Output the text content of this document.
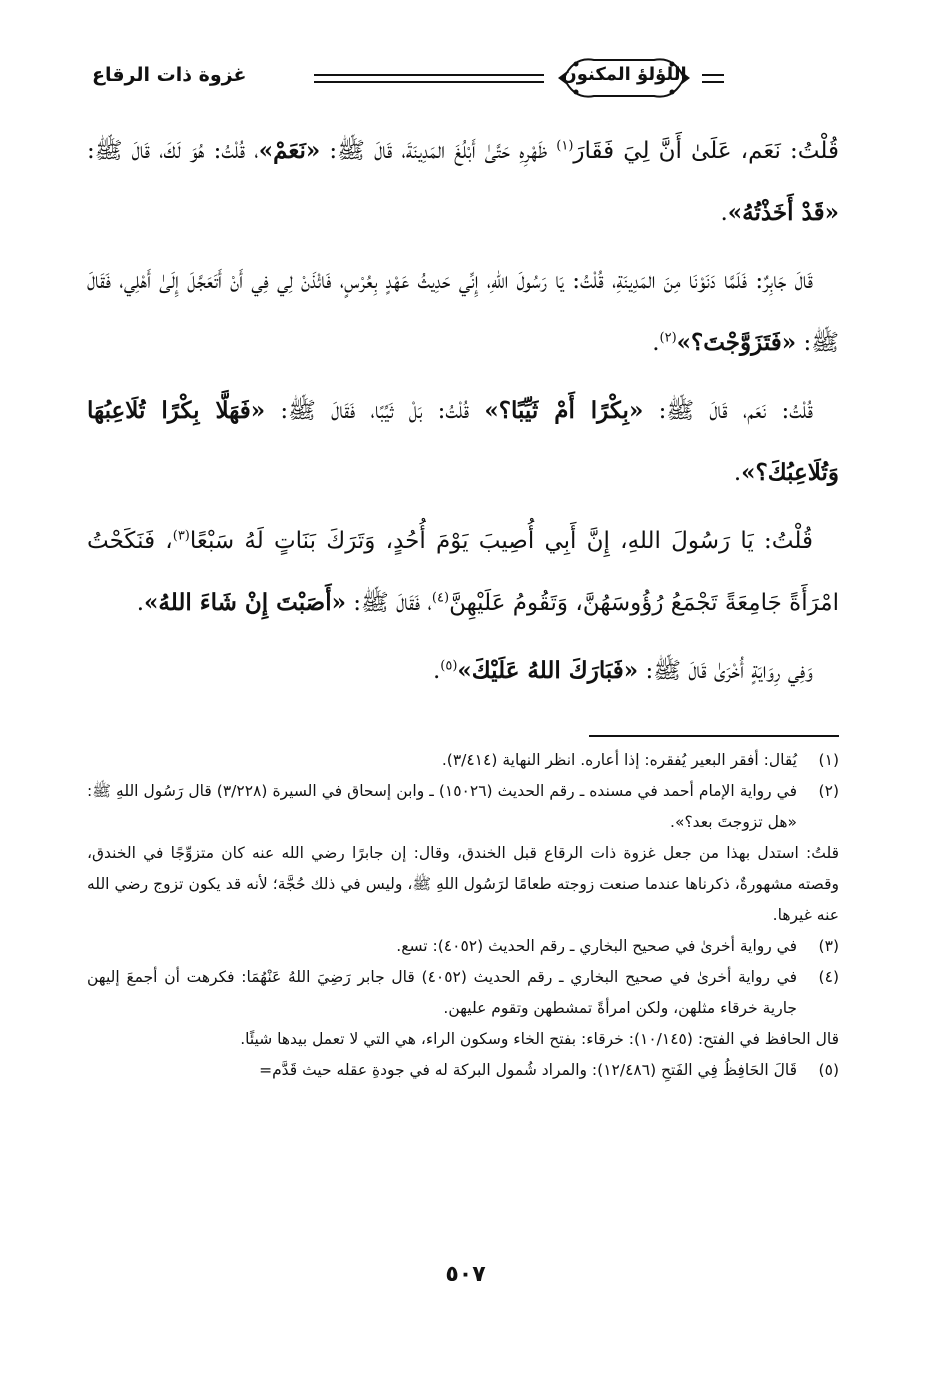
اللؤلؤ المكنون
غزوة ذات الرقاع

قُلْتُ: نَعَم، عَلَىٰ أَنَّ لِيَ فَقَارَ$^{(١)}$ ظَهْرِهِ حَتَّىٰ أَبْلُغَ المَدِينَةَ، قَالَ ﷺ: «نَعَمْ»، قُلْتُ: هُوَ لَكَ، قَالَ ﷺ: «قَدْ أَخَذْتُهُ».

قَالَ جَابِرٌ: فَلَمَّا دَنَوْنَا مِنَ المَدِينَةِ، قُلْتُ: يَا رَسُولَ اللهِ، إِنِّي حَدِيثُ عَهْدٍ بِعُرْسٍ، فَائْذَنْ لِي فِي أَنْ أَتَعَجَّلَ إِلَىٰ أَهْلِي، فَقَالَ ﷺ: «فَتَزَوَّجْتَ؟»$^{(٢)}$.

قُلْتُ: نَعَم، قَالَ ﷺ: «بِكْرًا أَمْ ثَيِّبًا؟» قُلْتُ: بَلْ ثَيِّبًا، فَقَالَ ﷺ: «فَهَلَّا بِكْرًا تُلَاعِبُهَا وَتُلَاعِبُكَ؟».

قُلْتُ: يَا رَسُولَ اللهِ، إِنَّ أَبِي أُصِيبَ يَوْمَ أُحُدٍ، وَتَرَكَ بَنَاتٍ لَهُ سَبْعًا$^{(٣)}$، فَنَكَحْتُ امْرَأَةً جَامِعَةً تَجْمَعُ رُؤُوسَهُنَّ، وَتَقُومُ عَلَيْهِنَّ$^{(٤)}$، فَقَالَ ﷺ: «أَصَبْتَ إِنْ شَاءَ اللهُ».

وَفِي رِوَايَةٍ أُخْرَىٰ قَالَ ﷺ: «فَبَارَكَ اللهُ عَلَيْكَ»$^{(٥)}$.

(١)

يُقال: أفقر البعير يُفقره: إذا أعاره. انظر النهاية (٣/٤١٤).

(٢)

في رواية الإمام أحمد في مسنده ـ رقم الحديث (١٥٠٢٦) ـ وابن إسحاق في السيرة (٣/٢٢٨) قال رَسُول اللهِ ﷺ: «هل تزوجتَ بعد؟».

قلتُ: استدل بهذا من جعل غزوة ذات الرقاع قبل الخندق، وقال: إن جابرًا رضي الله عنه كان متزوِّجًا في الخندق، وقصته مشهورةٌ، ذكرناها عندما صنعت زوجته طعامًا لرَسُول اللهِ ﷺ، وليس في ذلك حُجَّة؛ لأنه قد يكون تزوج رضي الله عنه غيرها.

(٣)

في رواية أخرىٰ في صحيح البخاري ـ رقم الحديث (٤٠٥٢): تسع.

(٤)

في رواية أخرىٰ في صحيح البخاري ـ رقم الحديث (٤٠٥٢) قال جابر رَضِيَ اللهُ عَنْهُمَا: فكرهت أن أجمعَ إليهن جارية خرقاء مثلهن، ولكن امرأةً تمشطهن وتقوم عليهن.

قال الحافظ في الفتح: (١٠/١٤٥): خرقاء: بفتح الخاء وسكون الراء، هي التي لا تعمل بيدها شيئًا.

(٥)

قَالَ الحَافِظُ فِي الفَتحِ (١٢/٤٨٦): والمراد شُمول البركة له في جودةِ عقله حيث قَدَّم=

٥٠٧
